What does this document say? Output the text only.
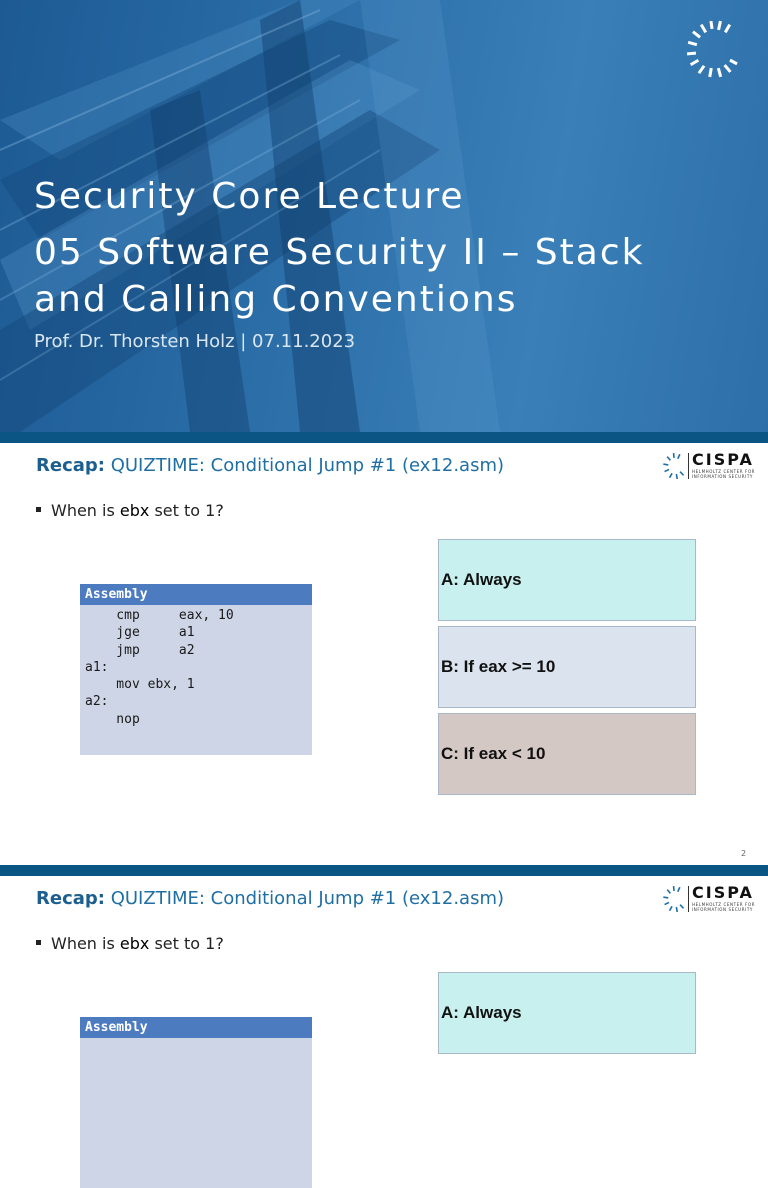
Security Core Lecture
05 Software Security II – Stack
and Calling Conventions
Prof. Dr. Thorsten Holz | 07.11.2023
Recap: QUIZTIME: Conditional Jump #1 (ex12.asm)	CISPA
HELMHOLTZ CENTER FOR
INFORMATION SECURITY
When is ebx set to 1?
Assembly
cmp     eax, 10
jge     a1
jmp     a2
a1:
mov ebx, 1
a2:
nop
A: Always
B: If eax >= 10
C: If eax < 10
2
Recap: QUIZTIME: Conditional Jump #1 (ex12.asm)	CISPA
HELMHOLTZ CENTER FOR
INFORMATION SECURITY
When is ebx set to 1?
Assembly
A: Always
